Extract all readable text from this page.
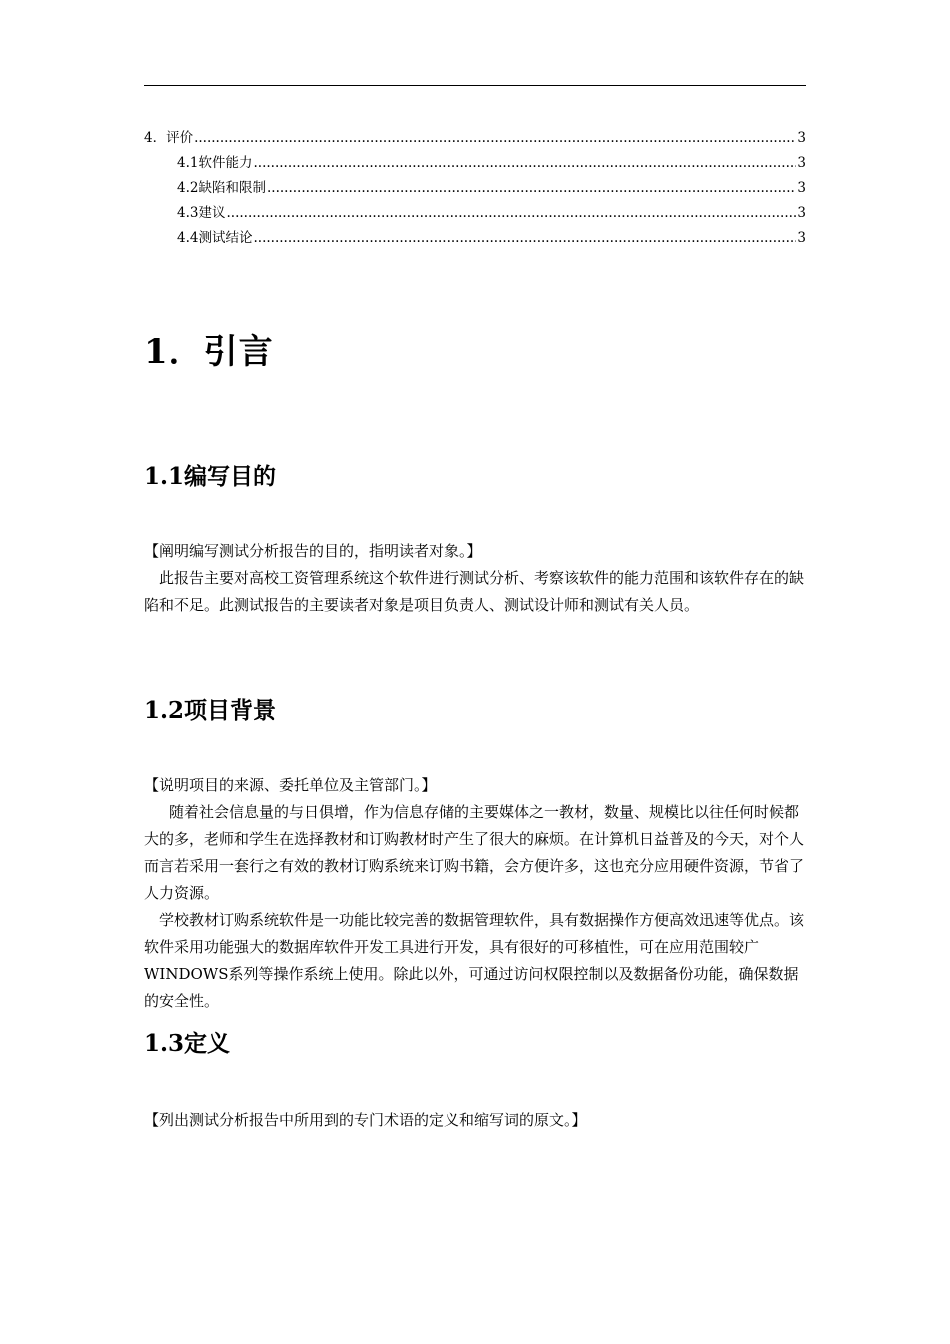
4．评价 .....	3
4.1软件能力 .....	3
4.2缺陷和限制 .....	3
4.3建议 .....	3
4.4测试结论 .....	3
1．引言
1.1编写目的

【阐明编写测试分析报告的目的，指明读者对象。】

此报告主要对高校工资管理系统这个软件进行测试分析、考察该软件的能力范围和该软件存在的缺陷和不足。此测试报告的主要读者对象是项目负责人、测试设计师和测试有关人员。

1.2项目背景

【说明项目的来源、委托单位及主管部门。】

随着社会信息量的与日俱增，作为信息存储的主要媒体之一教材，数量、规模比以往任何时候都大的多，老师和学生在选择教材和订购教材时产生了很大的麻烦。在计算机日益普及的今天，对个人而言若采用一套行之有效的教材订购系统来订购书籍，会方便许多，这也充分应用硬件资源，节省了人力资源。

学校教材订购系统软件是一功能比较完善的数据管理软件，具有数据操作方便高效迅速等优点。该软件采用功能强大的数据库软件开发工具进行开发，具有很好的可移植性，可在应用范围较广WINDOWS系列等操作系统上使用。除此以外，可通过访问权限控制以及数据备份功能，确保数据的安全性。

1.3定义

【列出测试分析报告中所用到的专门术语的定义和缩写词的原文。】
